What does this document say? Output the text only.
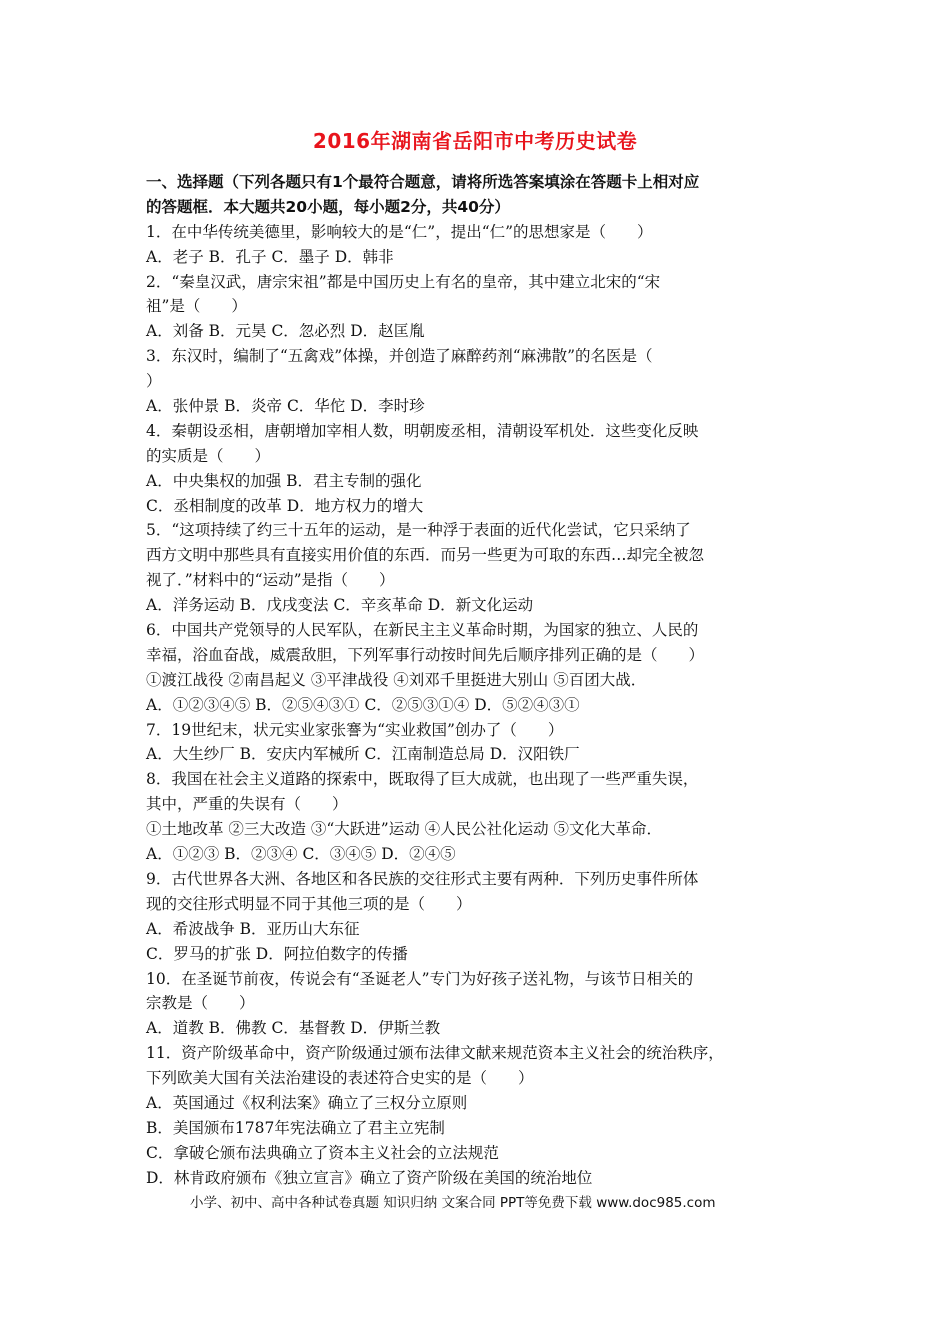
2016年湖南省岳阳市中考历史试卷
一、选择题（下列各题只有1个最符合题意，请将所选答案填涂在答题卡上相对应
的答题框．本大题共20小题，每小题2分，共40分）
1．在中华传统美德里，影响较大的是“仁”，提出“仁”的思想家是（　　）
A．老子 B．孔子 C．墨子 D．韩非
2．“秦皇汉武，唐宗宋祖”都是中国历史上有名的皇帝，其中建立北宋的“宋
祖”是（　　）
A．刘备 B．元昊 C．忽必烈 D．赵匡胤
3．东汉时，编制了“五禽戏”体操，并创造了麻醉药剂“麻沸散”的名医是（
）
A．张仲景 B．炎帝 C．华佗 D．李时珍
4．秦朝设丞相，唐朝增加宰相人数，明朝废丞相，清朝设军机处．这些变化反映
的实质是（　　）
A．中央集权的加强 B．君主专制的强化
C．丞相制度的改革 D．地方权力的增大
5．“这项持续了约三十五年的运动，是一种浮于表面的近代化尝试，它只采纳了
西方文明中那些具有直接实用价值的东西．而另一些更为可取的东西…却完全被忽
视了．”材料中的“运动”是指（　　）
A．洋务运动 B．戊戌变法 C．辛亥革命 D．新文化运动
6．中国共产党领导的人民军队，在新民主主义革命时期，为国家的独立、人民的
幸福，浴血奋战，威震敌胆，下列军事行动按时间先后顺序排列正确的是（　　）
①渡江战役 ②南昌起义 ③平津战役 ④刘邓千里挺进大别山 ⑤百团大战．
A．①②③④⑤ B．②⑤④③① C．②⑤③①④ D．⑤②④③①
7．19世纪末，状元实业家张謇为“实业救国”创办了（　　）
A．大生纱厂 B．安庆内军械所 C．江南制造总局 D．汉阳铁厂
8．我国在社会主义道路的探索中，既取得了巨大成就，也出现了一些严重失误，
其中，严重的失误有（　　）
①土地改革 ②三大改造 ③“大跃进”运动 ④人民公社化运动 ⑤文化大革命．
A．①②③ B．②③④ C．③④⑤ D．②④⑤
9．古代世界各大洲、各地区和各民族的交往形式主要有两种．下列历史事件所体
现的交往形式明显不同于其他三项的是（　　）
A．希波战争 B．亚历山大东征
C．罗马的扩张 D．阿拉伯数字的传播
10．在圣诞节前夜，传说会有“圣诞老人”专门为好孩子送礼物，与该节日相关的
宗教是（　　）
A．道教 B．佛教 C．基督教 D．伊斯兰教
11．资产阶级革命中，资产阶级通过颁布法律文献来规范资本主义社会的统治秩序，
下列欧美大国有关法治建设的表述符合史实的是（　　）
A．英国通过《权利法案》确立了三权分立原则
B．美国颁布1787年宪法确立了君主立宪制
C．拿破仑颁布法典确立了资本主义社会的立法规范
D．林肯政府颁布《独立宣言》确立了资产阶级在美国的统治地位
小学、初中、高中各种试卷真题 知识归纳 文案合同 PPT等免费下载 www.doc985.com
